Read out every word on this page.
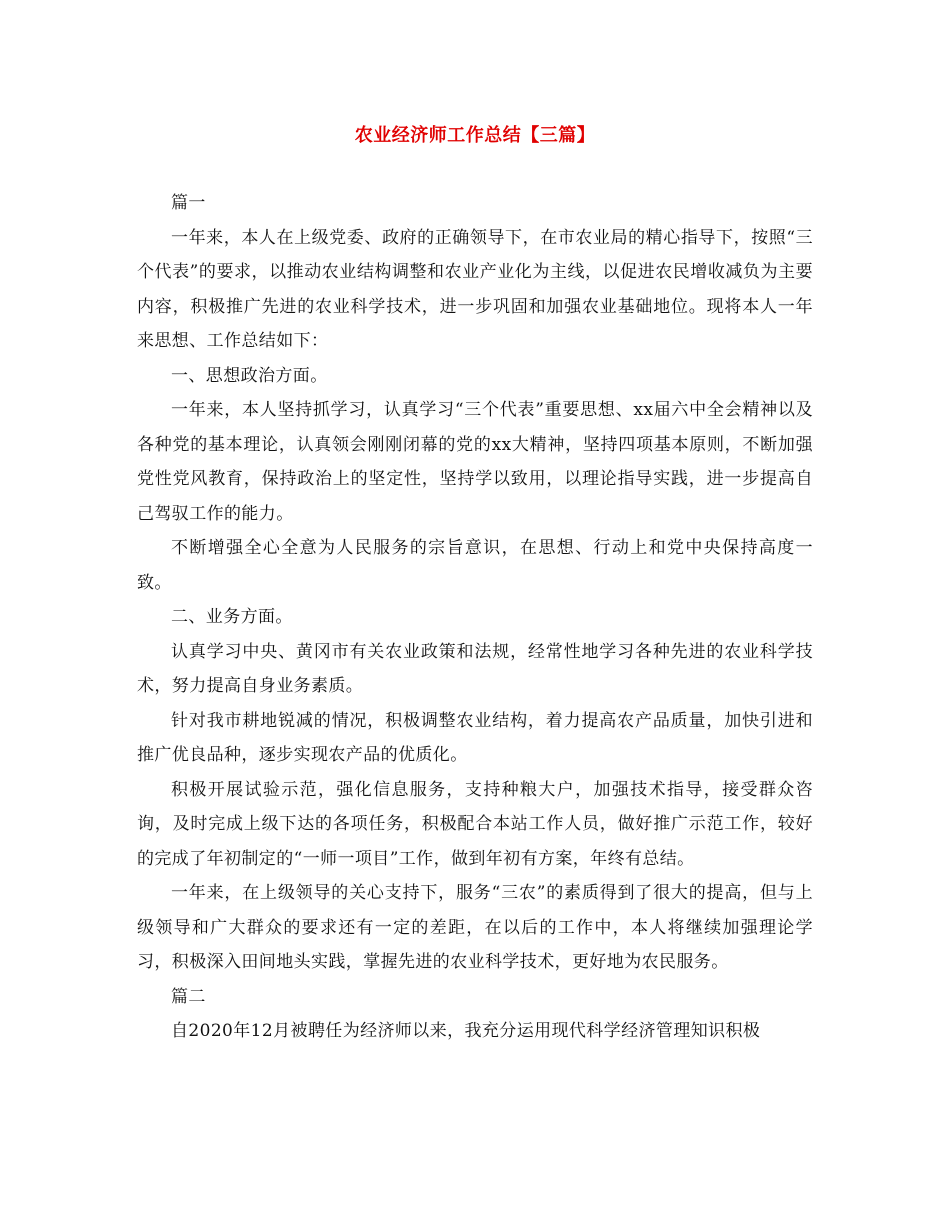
农业经济师工作总结【三篇】

篇一

一年来，本人在上级党委、政府的正确领导下，在市农业局的精心指导下，按照“三个代表”的要求，以推动农业结构调整和农业产业化为主线，以促进农民增收减负为主要内容，积极推广先进的农业科学技术，进一步巩固和加强农业基础地位。现将本人一年来思想、工作总结如下：

一、思想政治方面。

一年来，本人坚持抓学习，认真学习“三个代表”重要思想、xx届六中全会精神以及各种党的基本理论，认真领会刚刚闭幕的党的xx大精神，坚持四项基本原则，不断加强党性党风教育，保持政治上的坚定性，坚持学以致用，以理论指导实践，进一步提高自己驾驭工作的能力。

不断增强全心全意为人民服务的宗旨意识，在思想、行动上和党中央保持高度一致。

二、业务方面。

认真学习中央、黄冈市有关农业政策和法规，经常性地学习各种先进的农业科学技术，努力提高自身业务素质。

针对我市耕地锐减的情况，积极调整农业结构，着力提高农产品质量，加快引进和推广优良品种，逐步实现农产品的优质化。

积极开展试验示范，强化信息服务，支持种粮大户，加强技术指导，接受群众咨询，及时完成上级下达的各项任务，积极配合本站工作人员，做好推广示范工作，较好的完成了年初制定的“一师一项目”工作，做到年初有方案，年终有总结。

一年来，在上级领导的关心支持下，服务“三农”的素质得到了很大的提高，但与上级领导和广大群众的要求还有一定的差距，在以后的工作中，本人将继续加强理论学习，积极深入田间地头实践，掌握先进的农业科学技术，更好地为农民服务。

篇二

自2020年12月被聘任为经济师以来，我充分运用现代科学经济管理知识积极
